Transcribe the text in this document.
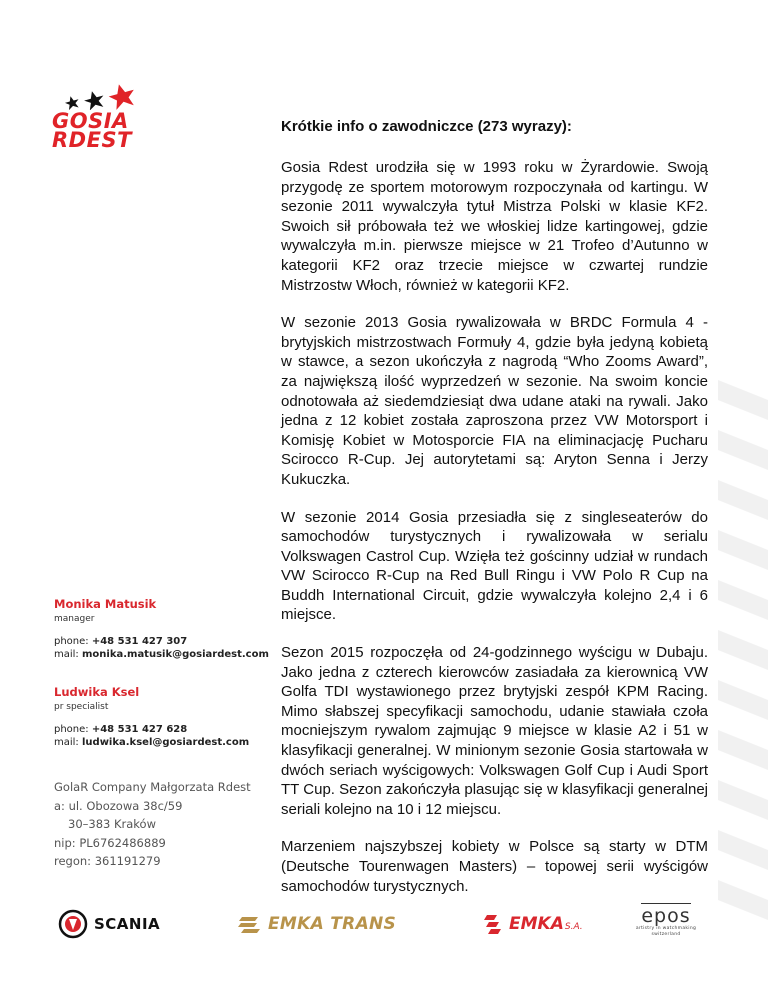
GOSIA
RDEST

Krótkie info o zawodniczce (273 wyrazy):

Gosia Rdest urodziła się w 1993 roku w Żyrardowie. Swoją przygodę ze sportem motorowym rozpoczynała od kartingu. W sezonie 2011 wywalczyła tytuł Mistrza Polski w klasie KF2. Swoich sił próbowała też we włoskiej lidze kartingowej, gdzie wywalczyła m.in. pierwsze miejsce w 21 Trofeo d’Autunno w kategorii KF2 oraz trzecie miejsce w czwartej rundzie Mistrzostw Włoch, również w kategorii KF2.

W sezonie 2013 Gosia rywalizowała w BRDC Formula 4 - brytyjskich mistrzostwach Formuły 4, gdzie była jedyną kobietą w stawce, a sezon ukończyła z nagrodą “Who Zooms Award”, za największą ilość wyprzedzeń w sezonie. Na swoim koncie odnotowała aż siedemdziesiąt dwa udane ataki na rywali. Jako jedna z 12 kobiet została zaproszona przez VW Motorsport i Komisję Kobiet w Motosporcie FIA na eliminacjację Pucharu Scirocco R-Cup. Jej autorytetami są: Aryton Senna i Jerzy Kukuczka.

W sezonie 2014 Gosia przesiadła się z singleseaterów do samochodów turystycznych i rywalizowała w serialu Volkswagen Castrol Cup. Wzięła też gościnny udział w rundach VW Scirocco R-Cup na Red Bull Ringu i VW Polo R Cup na Buddh International Circuit, gdzie wywalczyła kolejno 2,4 i 6 miejsce.

Sezon 2015 rozpoczęła od 24-godzinnego wyścigu w Dubaju. Jako jedna z czterech kierowców zasiadała za kierownicą VW Golfa TDI wystawionego przez brytyjski zespół KPM Racing. Mimo słabszej specyfikacji samochodu, udanie stawiała czoła mocniejszym rywalom zajmując 9 miejsce w klasie A2 i 51 w klasyfikacji generalnej. W minionym sezonie Gosia startowała w dwóch seriach wyścigowych: Volkswagen Golf Cup i Audi Sport TT Cup. Sezon zakończyła plasując się w klasyfikacji generalnej seriali kolejno na 10 i 12 miejscu.

Marzeniem najszybszej kobiety w Polsce są starty w DTM (Deutsche Tourenwagen Masters) – topowej serii wyścigów samochodów turystycznych.

Monika Matusik
manager
phone: +48 531 427 307
mail: monika.matusik@gosiardest.com
Ludwika Ksel
pr specialist
phone: +48 531 427 628
mail: ludwika.ksel@gosiardest.com
GolaR Company Małgorzata Rdest
a: ul. Obozowa 38c/59
30–383 Kraków
nip: PL6762486889
regon: 361191279
SCANIA	EMKA TRANS	EMKA S.A.	epos
artistry in watchmaking
switzerland
